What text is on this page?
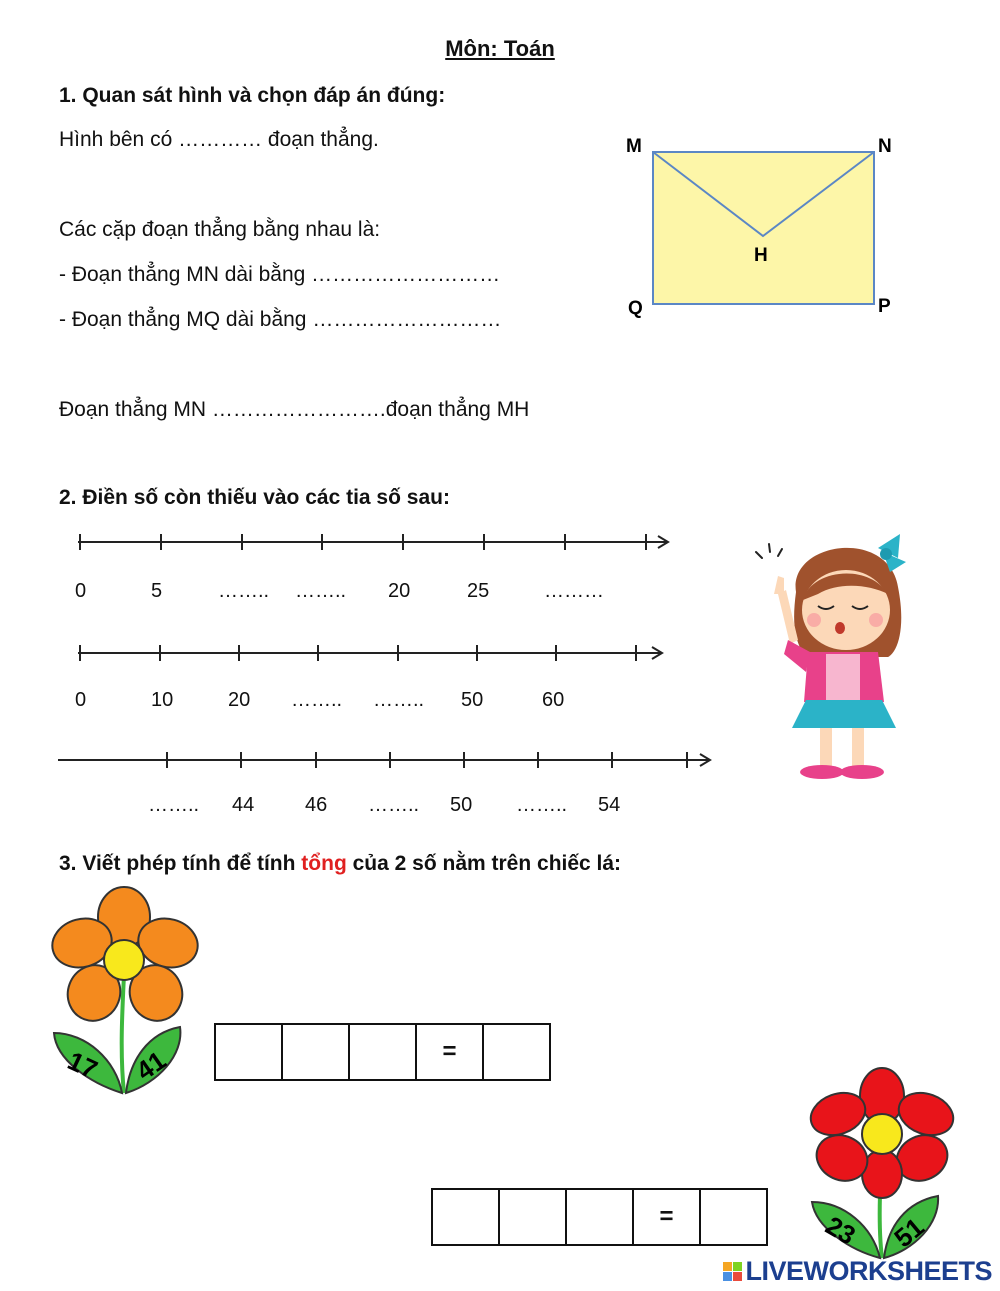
Môn: Toán
1. Quan sát hình và chọn đáp án đúng:
Hình bên có ………… đoạn thẳng.
Các cặp đoạn thẳng bằng nhau là:
- Đoạn thẳng MN dài bằng ………………………
- Đoạn thẳng MQ dài bằng ………………………
Đoạn thẳng MN …………………….đoạn thẳng MH
M	N
H
Q	P
2. Điền số còn thiếu vào các tia số sau:
0	5	…….. …….. 20	25	………
0	10	20 …….. …….. 50	60
…….. 44	46 …….. 50 …….. 54
3. Viết phép tính để tính tổng của 2 số nằm trên chiếc lá:
17 41	=
=	23 51
LIVEWORKSHEETS
